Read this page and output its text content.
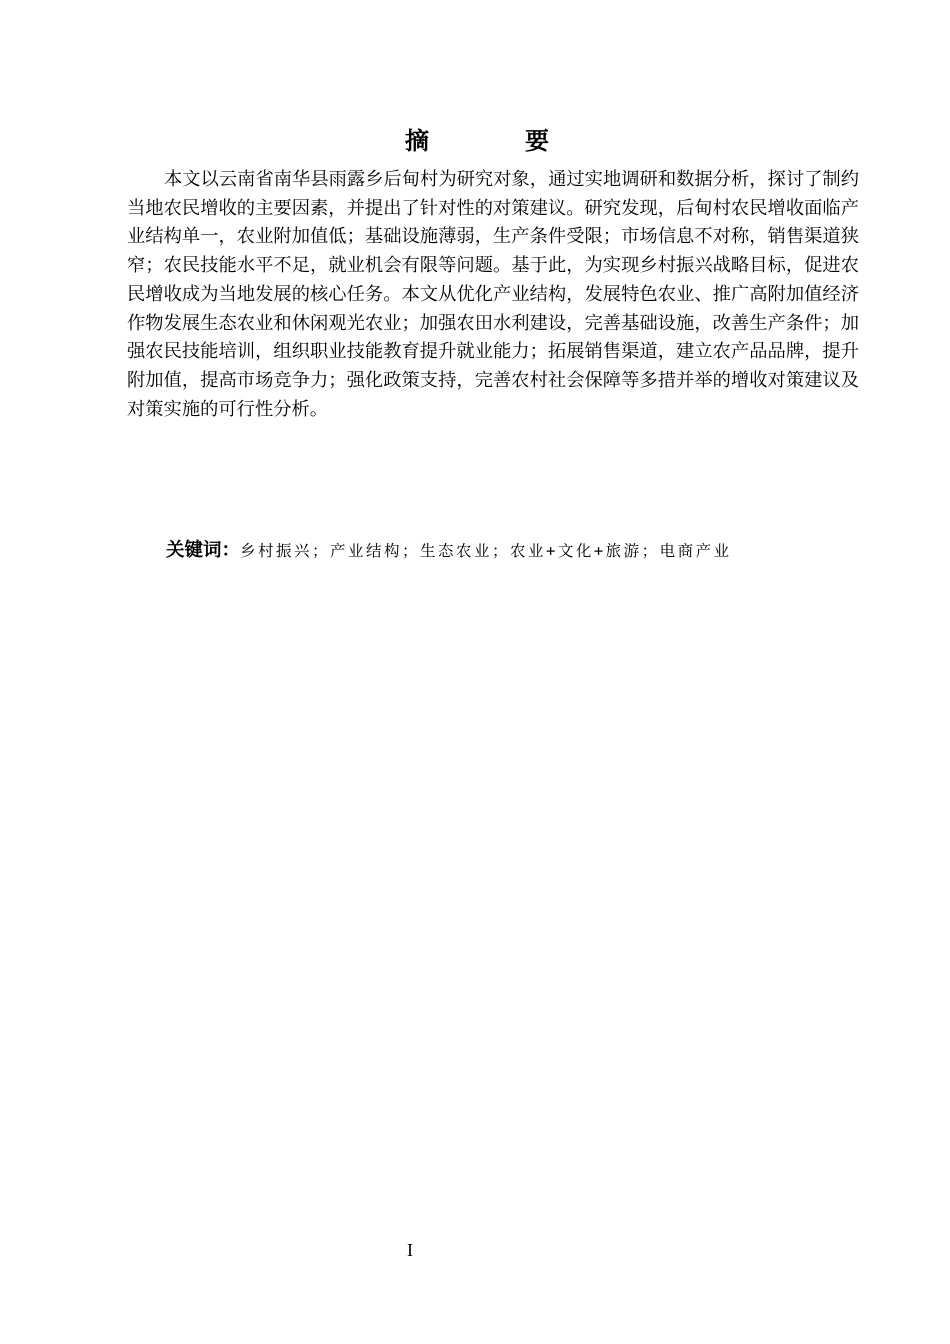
摘　要

本文以云南省南华县雨露乡后甸村为研究对象，通过实地调研和数据分析，探讨了制约当地农民增收的主要因素，并提出了针对性的对策建议。研究发现，后甸村农民增收面临产业结构单一，农业附加值低；基础设施薄弱，生产条件受限；市场信息不对称，销售渠道狭窄；农民技能水平不足，就业机会有限等问题。基于此，为实现乡村振兴战略目标，促进农民增收成为当地发展的核心任务。本文从优化产业结构，发展特色农业、推广高附加值经济作物发展生态农业和休闲观光农业；加强农田水利建设，完善基础设施，改善生产条件；加强农民技能培训，组织职业技能教育提升就业能力；拓展销售渠道，建立农产品品牌，提升附加值，提高市场竞争力；强化政策支持，完善农村社会保障等多措并举的增收对策建议及对策实施的可行性分析。

关键词：乡村振兴；产业结构；生态农业；农业+文化+旅游；电商产业
I
